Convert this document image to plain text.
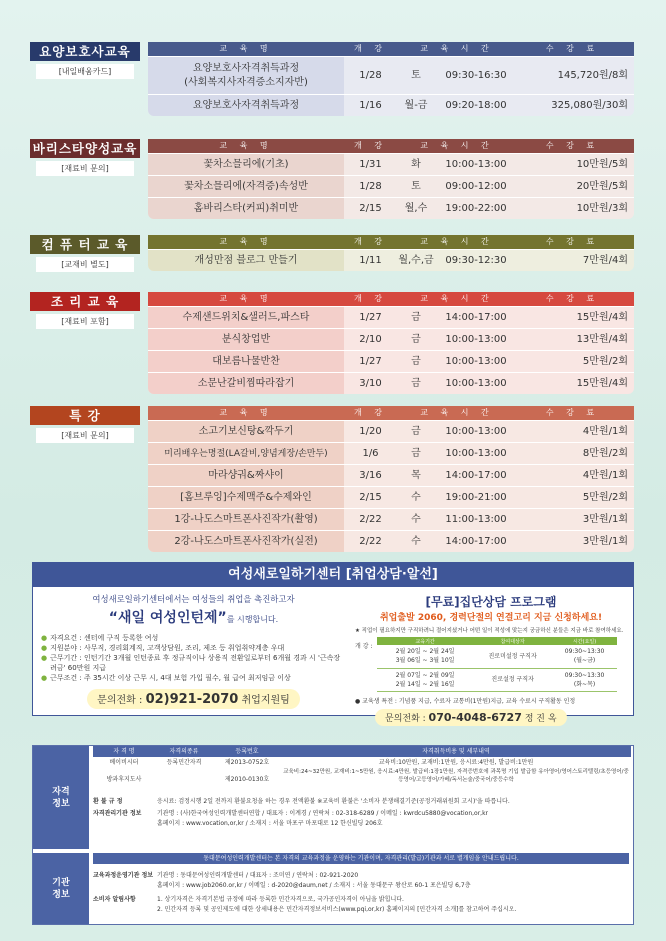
요양보호사교육
[내일배움카드]
교 육 명	개 강	교 육 시 간	수 강 료
요양보호사자격취득과정
(사회복지사자격증소지자반)
1/28	토	09:30-16:30	145,720원/8회
요양보호사자격취득과정	1/16	월-금	09:20-18:00	325,080원/30회
바리스타양성교육
[재료비 문의]
교 육 명	개 강	교 육 시 간	수 강 료
꽃차소믈리에(기초)	1/31	화	10:00-13:00	10만원/5회
꽃차소믈리에(자격증)속성반	1/28	토	09:00-12:00	20만원/5회
홈바리스타(커피)취미반	2/15	월,수	19:00-22:00	10만원/3회
컴 퓨 터 교 육
[교재비 별도]
교 육 명	개 강	교 육 시 간	수 강 료
개성만점 블로그 만들기	1/11	월,수,금	09:30-12:30	7만원/4회
조 리 교 육
[재료비 포함]
교 육 명	개 강	교 육 시 간	수 강 료
수제샌드위치&샐러드,파스타	1/27	금	14:00-17:00	15만원/4회
분식창업반	2/10	금	10:00-13:00	13만원/4회
대보름나물반찬	1/27	금	10:00-13:00	5만원/2회
소문난갈비찜따라잡기	3/10	금	10:00-13:00	15만원/4회
특 강
[재료비 문의]
교 육 명	개 강	교 육 시 간	수 강 료
소고기보신탕&깍두기	1/20	금	10:00-13:00	4만원/1회
미리배우는명절(LA갈비,양념게장/손만두)	1/6	금	10:00-13:00	8만원/2회
마라샹궈&짜샤이	3/16	목	14:00-17:00	4만원/1회
[홈브루잉]수제맥주&수제와인	2/15	수	19:00-21:00	5만원/2회
1강-나도스마트폰사진작가(촬영)	2/22	수	11:00-13:00	3만원/1회
2강-나도스마트폰사진작가(실전)	2/22	수	14:00-17:00	3만원/1회
여성새로일하기센터 [취업상담·알선]
여성새로일하기센터에서는 여성들의 취업을 촉진하고자
“새일 여성인턴제”를 시행합니다.
● 자격요건 : 센터에 구직 등록한 여성
● 지원분야 : 사무직, 경리회계직, 고객상담원, 조리, 제조 등 취업취약계층 우대
● 근무기간 : 인턴기간 3개월 인턴종료 후 정규직이나 상용직 전환일로부터 6개월 경과 시 '근속장려금' 60만원 지급
● 근무조건 : 주 35시간 이상 근무 시, 4대 보험 가입 필수, 월 급여 최저임금 이상
문의전화 : 02)921-2070 취업지원팀
[무료]집단상담 프로그램
취업출발 2060, 경력단절의 연결고리 지금 신청하세요!
★ 직업이 필요하지만 구직하려니 절어지셨거나 어떤 일이 적성에 맞는지 궁금하신 분들은 지금 바로 참여하세요.
개 강 :
교육기간	참여대상자	시간(요일)
2월 20일 ~ 2월 24일
3월 06일 ~ 3월 10일	진로미설정 구직자	09:30~13:30
(월~금)
2월 07일 ~ 2월 09일
2월 14일 ~ 2월 16일	진로설정 구직자	09:30~13:30
(화~목)
● 교육생 특전 : 기념품 지급, 수료자 교통비(1만원)지급, 교육 수료시 구직활동 인정
문의전화 : 070-4048-6727 정 진 옥
자격
정보
기관
정보
자 격 명	자격의종류	등록번호	자격취득비용 및 세부내역
베이비시터	등록민간자격	제2013-0752호	교육비:10만원, 교재비:1만원, 응시료:4만원, 발급비:1만원
방과후지도사	제2010-0130호
교육비:24~32만원, 교재비:1~5만원, 응시료:4만원, 발급비:1장1만원, 자격증번호에 과목명 기입 발급함 유아영어/영어스토리텔링/초등영어/중등영어/고등영어/가베/독서논술/중국어/중등수학
환 불 규 정	응시료: 검정시행 2일 전까지 환불요청을 하는 경우 전액환불 ※교육비 환불은 '소비자 분쟁해결기준(공정거래위원회 고시)'을 따릅니다.
자격관리기관 정보	기관명 : (사)한국여성인력개발센터연합 / 대표자 : 이계경 / 연락처 : 02-318-6289 / 이메일 : kwrdcu5880@vocation,or,kr
홈페이지 : www.vocation,or,kr / 소재지 : 서울 마포구 마포대로 12 한신빌딩 206호
동대문여성인력개발센터는 본 자격의 교육과정을 운영하는 기관이며, 자격관리(발급)기관과 서로 별개임을 안내드립니다.
교육과정운영기관 정보 기관명 : 동대문여성인력개발센터 / 대표자 : 조미연 / 연락처 : 02-921-2020
홈페이지 : www.job2060.or,kr / 이메일 : d-2020@daum,net / 소재지 : 서울 동대문구 왕산로 60-1 포은빌딩 6,7층
소비자 알림사항	1. 상기자격은 자격기본법 규정에 따라 등록한 민간자격으로, 국가공인자격이 아님을 밝힙니다.
2. 민간자격 등록 및 공인제도에 대한 상세내용은 민간자격정보서비스(www.pqi,or,kr) 홈페이지의 [민간자격 소개]를 참고하여 주십시오.
